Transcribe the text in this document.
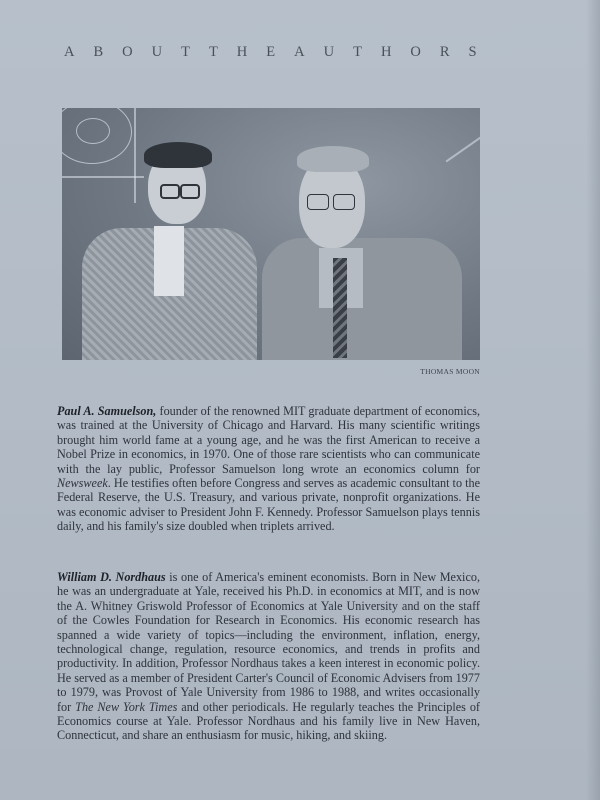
ABOUT THE AUTHORS
THOMAS MOON

Paul A. Samuelson, founder of the renowned MIT graduate department of economics, was trained at the University of Chicago and Harvard. His many scientific writings brought him world fame at a young age, and he was the first American to receive a Nobel Prize in economics, in 1970. One of those rare scientists who can communicate with the lay public, Professor Samuelson long wrote an economics column for Newsweek. He testifies often before Congress and serves as academic consultant to the Federal Reserve, the U.S. Treasury, and various private, nonprofit organizations. He was economic adviser to President John F. Kennedy. Professor Samuelson plays tennis daily, and his family's size doubled when triplets arrived.

William D. Nordhaus is one of America's eminent economists. Born in New Mexico, he was an undergraduate at Yale, received his Ph.D. in economics at MIT, and is now the A. Whitney Griswold Professor of Economics at Yale University and on the staff of the Cowles Foundation for Research in Economics. His economic research has spanned a wide variety of topics—including the environment, inflation, energy, technological change, regulation, resource economics, and trends in profits and productivity. In addition, Professor Nordhaus takes a keen interest in economic policy. He served as a member of President Carter's Council of Economic Advisers from 1977 to 1979, was Provost of Yale University from 1986 to 1988, and writes occasionally for The New York Times and other periodicals. He regularly teaches the Principles of Economics course at Yale. Professor Nordhaus and his family live in New Haven, Connecticut, and share an enthusiasm for music, hiking, and skiing.
